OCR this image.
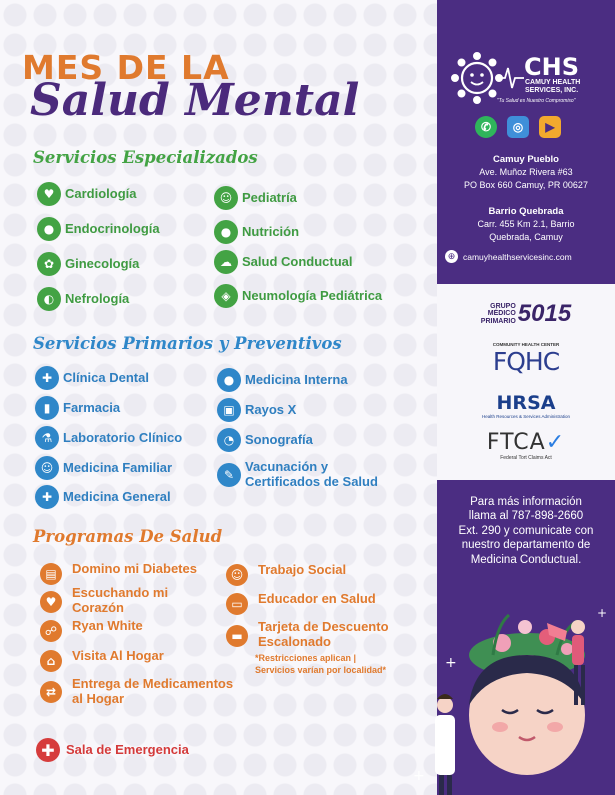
MES DE LA
Salud Mental
Servicios Especializados
♥ Cardiología
● Endocrinología
✿ Ginecología
◐ Nefrología
☺ Pediatría
● Nutrición
☁ Salud Conductual
◈ Neumología Pediátrica
Servicios Primarios y Preventivos
✚ Clínica Dental
▮ Farmacia
⚗ Laboratorio Clínico
☺ Medicina Familiar
✚ Medicina General
● Medicina Interna
▣ Rayos X
◔ Sonografía
✎
Vacunación y Certificados de Salud
Programas De Salud
▤	Domino mi Diabetes
♥
Escuchando mi Corazón
☍	Ryan White
⌂	Visita Al Hogar
⇄
Entrega de Medicamentos al Hogar
☺	Trabajo Social
▭	Educador en Salud
▬
Tarjeta de Descuento Escalonado
*Restricciones aplican |
Servicios varían por localidad*
✚ Sala de Emergencia
CHS
CAMUY HEALTH
SERVICES, INC.
"Tu Salud es Nuestro Compromiso"
✆	◎	▶
Camuy Pueblo
Ave. Muñoz Rivera #63
PO Box 660 Camuy, PR 00627
Barrio Quebrada
Carr. 455 Km 2.1, Barrio
Quebrada, Camuy
⊕ camuyhealthservicesinc.com
GRUPO
MÉDICO
PRIMARIO 5015
COMMUNITY HEALTH CENTER
FQHC
HRSA
Health Resources & Services Administration
FTCA✓
Federal Tort Claims Act
Para más información
llama al 787-898-2660
Ext. 290 y comunicate con
nuestro departamento de
Medicina Conductual.
+
+
+
